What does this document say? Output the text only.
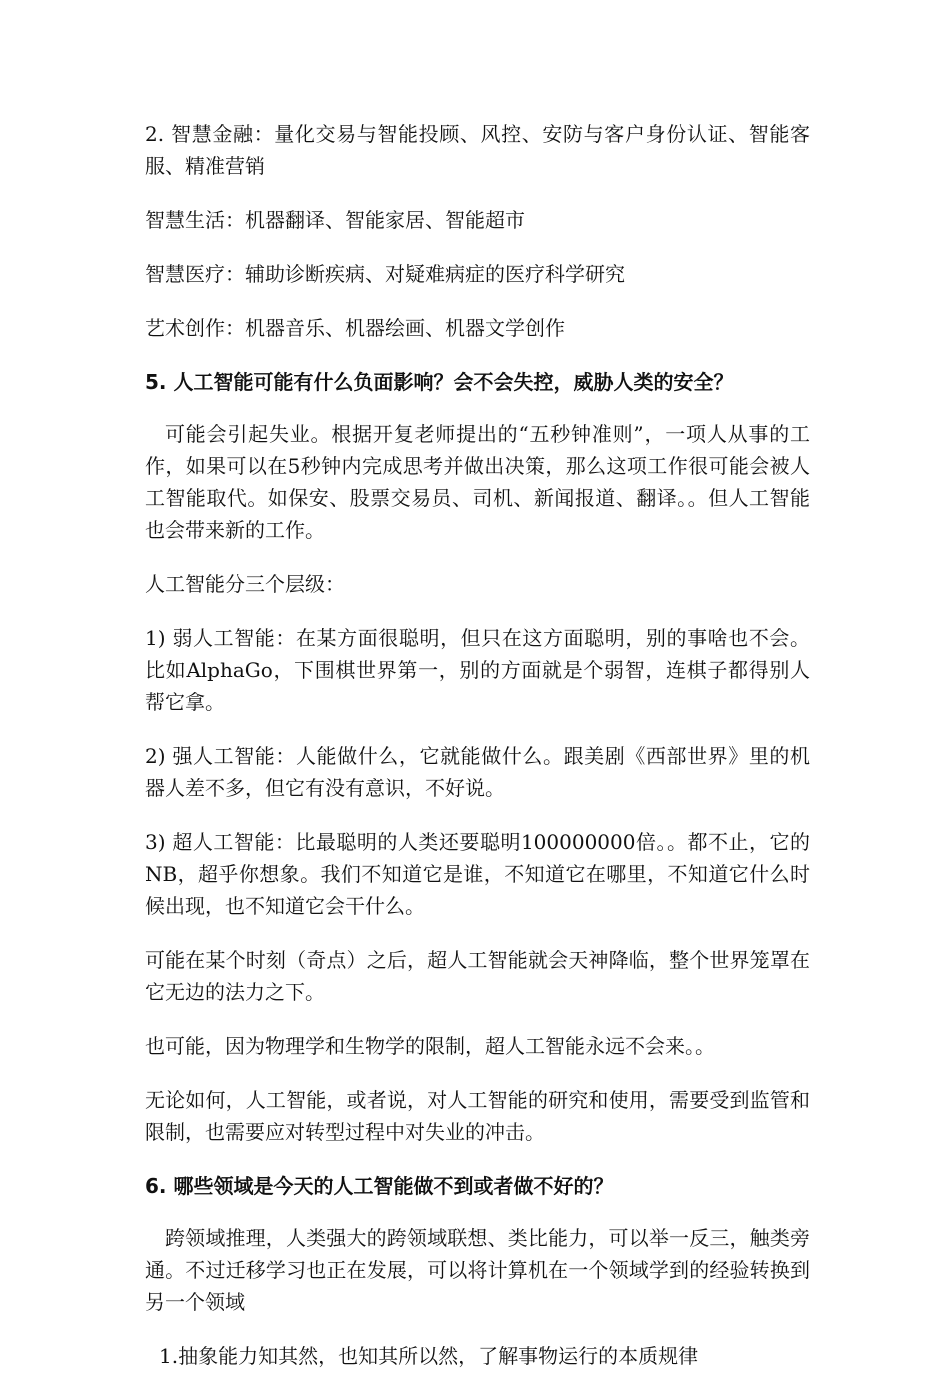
2. 智慧金融：量化交易与智能投顾、风控、安防与客户身份认证、智能客服、精准营销

智慧生活：机器翻译、智能家居、智能超市

智慧医疗：辅助诊断疾病、对疑难病症的医疗科学研究

艺术创作：机器音乐、机器绘画、机器文学创作

5. 人工智能可能有什么负面影响？会不会失控，威胁人类的安全？

可能会引起失业。根据开复老师提出的“五秒钟准则”，一项人从事的工作，如果可以在5秒钟内完成思考并做出决策，那么这项工作很可能会被人工智能取代。如保安、股票交易员、司机、新闻报道、翻译。。但人工智能也会带来新的工作。

人工智能分三个层级：

1) 弱人工智能：在某方面很聪明，但只在这方面聪明，别的事啥也不会。比如AlphaGo，下围棋世界第一，别的方面就是个弱智，连棋子都得别人帮它拿。

2) 强人工智能：人能做什么，它就能做什么。跟美剧《西部世界》里的机器人差不多，但它有没有意识，不好说。

3) 超人工智能：比最聪明的人类还要聪明100000000倍。。都不止，它的NB，超乎你想象。我们不知道它是谁，不知道它在哪里，不知道它什么时候出现，也不知道它会干什么。

可能在某个时刻（奇点）之后，超人工智能就会天神降临，整个世界笼罩在它无边的法力之下。

也可能，因为物理学和生物学的限制，超人工智能永远不会来。。

无论如何，人工智能，或者说，对人工智能的研究和使用，需要受到监管和限制，也需要应对转型过程中对失业的冲击。

6. 哪些领域是今天的人工智能做不到或者做不好的？

跨领域推理，人类强大的跨领域联想、类比能力，可以举一反三，触类旁通。不过迁移学习也正在发展，可以将计算机在一个领域学到的经验转换到另一个领域

1.抽象能力知其然，也知其所以然，了解事物运行的本质规律
